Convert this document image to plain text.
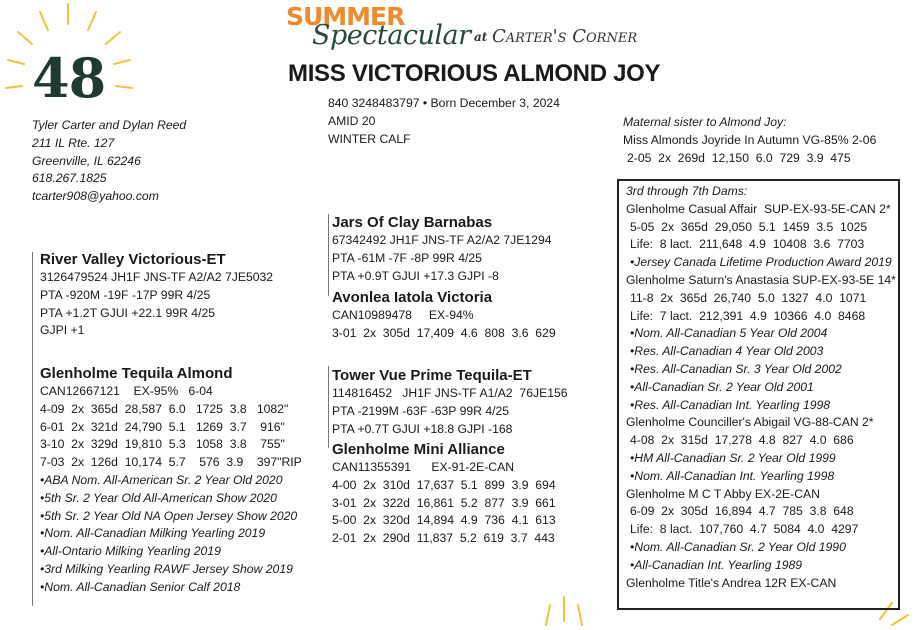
48
SUMMER
Spectacular at Carter's Corner
MISS VICTORIOUS ALMOND JOY
840 3248483797 • Born December 3, 2024
AMID 20
WINTER CALF
Tyler Carter and Dylan Reed
211 IL Rte. 127
Greenville, IL 62246
618.267.1825
tcarter908@yahoo.com
River Valley Victorious-ET
3126479524 JH1F JNS-TF A2/A2 7JE5032
PTA -920M -19F -17P 99R 4/25
PTA +1.2T GJUI +22.1 99R 4/25
GJPI +1
Glenholme Tequila Almond
CAN12667121    EX-95%   6-04
4-09  2x  365d  28,587  6.0   1725  3.8   1082"
6-01  2x  321d  24,790  5.1   1269  3.7    916"
3-10  2x  329d  19,810  5.3   1058  3.8    755"
7-03  2x  126d  10,174  5.7    576  3.9    397"RIP
•ABA Nom. All-American Sr. 2 Year Old 2020
•5th Sr. 2 Year Old All-American Show 2020
•5th Sr. 2 Year Old NA Open Jersey Show 2020
•Nom. All-Canadian Milking Yearling 2019
•All-Ontario Milking Yearling 2019
•3rd Milking Yearling RAWF Jersey Show 2019
•Nom. All-Canadian Senior Calf 2018
Jars Of Clay Barnabas
67342492 JH1F JNS-TF A2/A2 7JE1294
PTA -61M -7F -8P 99R 4/25
PTA +0.9T GJUI +17.3 GJPI -8
Avonlea Iatola Victoria
CAN10989478     EX-94%
3-01  2x  305d  17,409  4.6  808  3.6  629
Tower Vue Prime Tequila-ET
114816452   JH1F JNS-TF A1/A2  76JE156
PTA -2199M -63F -63P 99R 4/25
PTA +0.7T GJUI +18.8 GJPI -168
Glenholme Mini Alliance
CAN11355391      EX-91-2E-CAN
4-00  2x  310d  17,637  5.1  899  3.9  694
3-01  2x  322d  16,861  5.2  877  3.9  661
5-00  2x  320d  14,894  4.9  736  4.1  613
2-01  2x  290d  11,837  5.2  619  3.7  443
Maternal sister to Almond Joy:
Miss Almonds Joyride In Autumn VG-85% 2-06
2-05  2x  269d  12,150  6.0  729  3.9  475
3rd through 7th Dams:
Glenholme Casual Affair  SUP-EX-93-5E-CAN 2*
5-05  2x  365d  29,050  5.1  1459  3.5  1025
Life:  8 lact.  211,648  4.9  10408  3.6  7703
•Jersey Canada Lifetime Production Award 2019
Glenholme Saturn's Anastasia SUP-EX-93-5E 14*
11-8  2x  365d  26,740  5.0  1327  4.0  1071
Life:  7 lact.  212,391  4.9  10366  4.0  8468
•Nom. All-Canadian 5 Year Old 2004
•Res. All-Canadian 4 Year Old 2003
•Res. All-Canadian Sr. 3 Year Old 2002
•All-Canadian Sr. 2 Year Old 2001
•Res. All-Canadian Int. Yearling 1998
Glenholme Counciller's Abigail VG-88-CAN 2*
4-08  2x  315d  17,278  4.8  827  4.0  686
•HM All-Canadian Sr. 2 Year Old 1999
•Nom. All-Canadian Int. Yearling 1998
Glenholme M C T Abby EX-2E-CAN
6-09  2x  305d  16,894  4.7  785  3.8  648
Life:  8 lact.  107,760  4.7  5084  4.0  4297
•Nom. All-Canadian Sr. 2 Year Old 1990
•All-Canadian Int. Yearling 1989
Glenholme Title's Andrea 12R EX-CAN
